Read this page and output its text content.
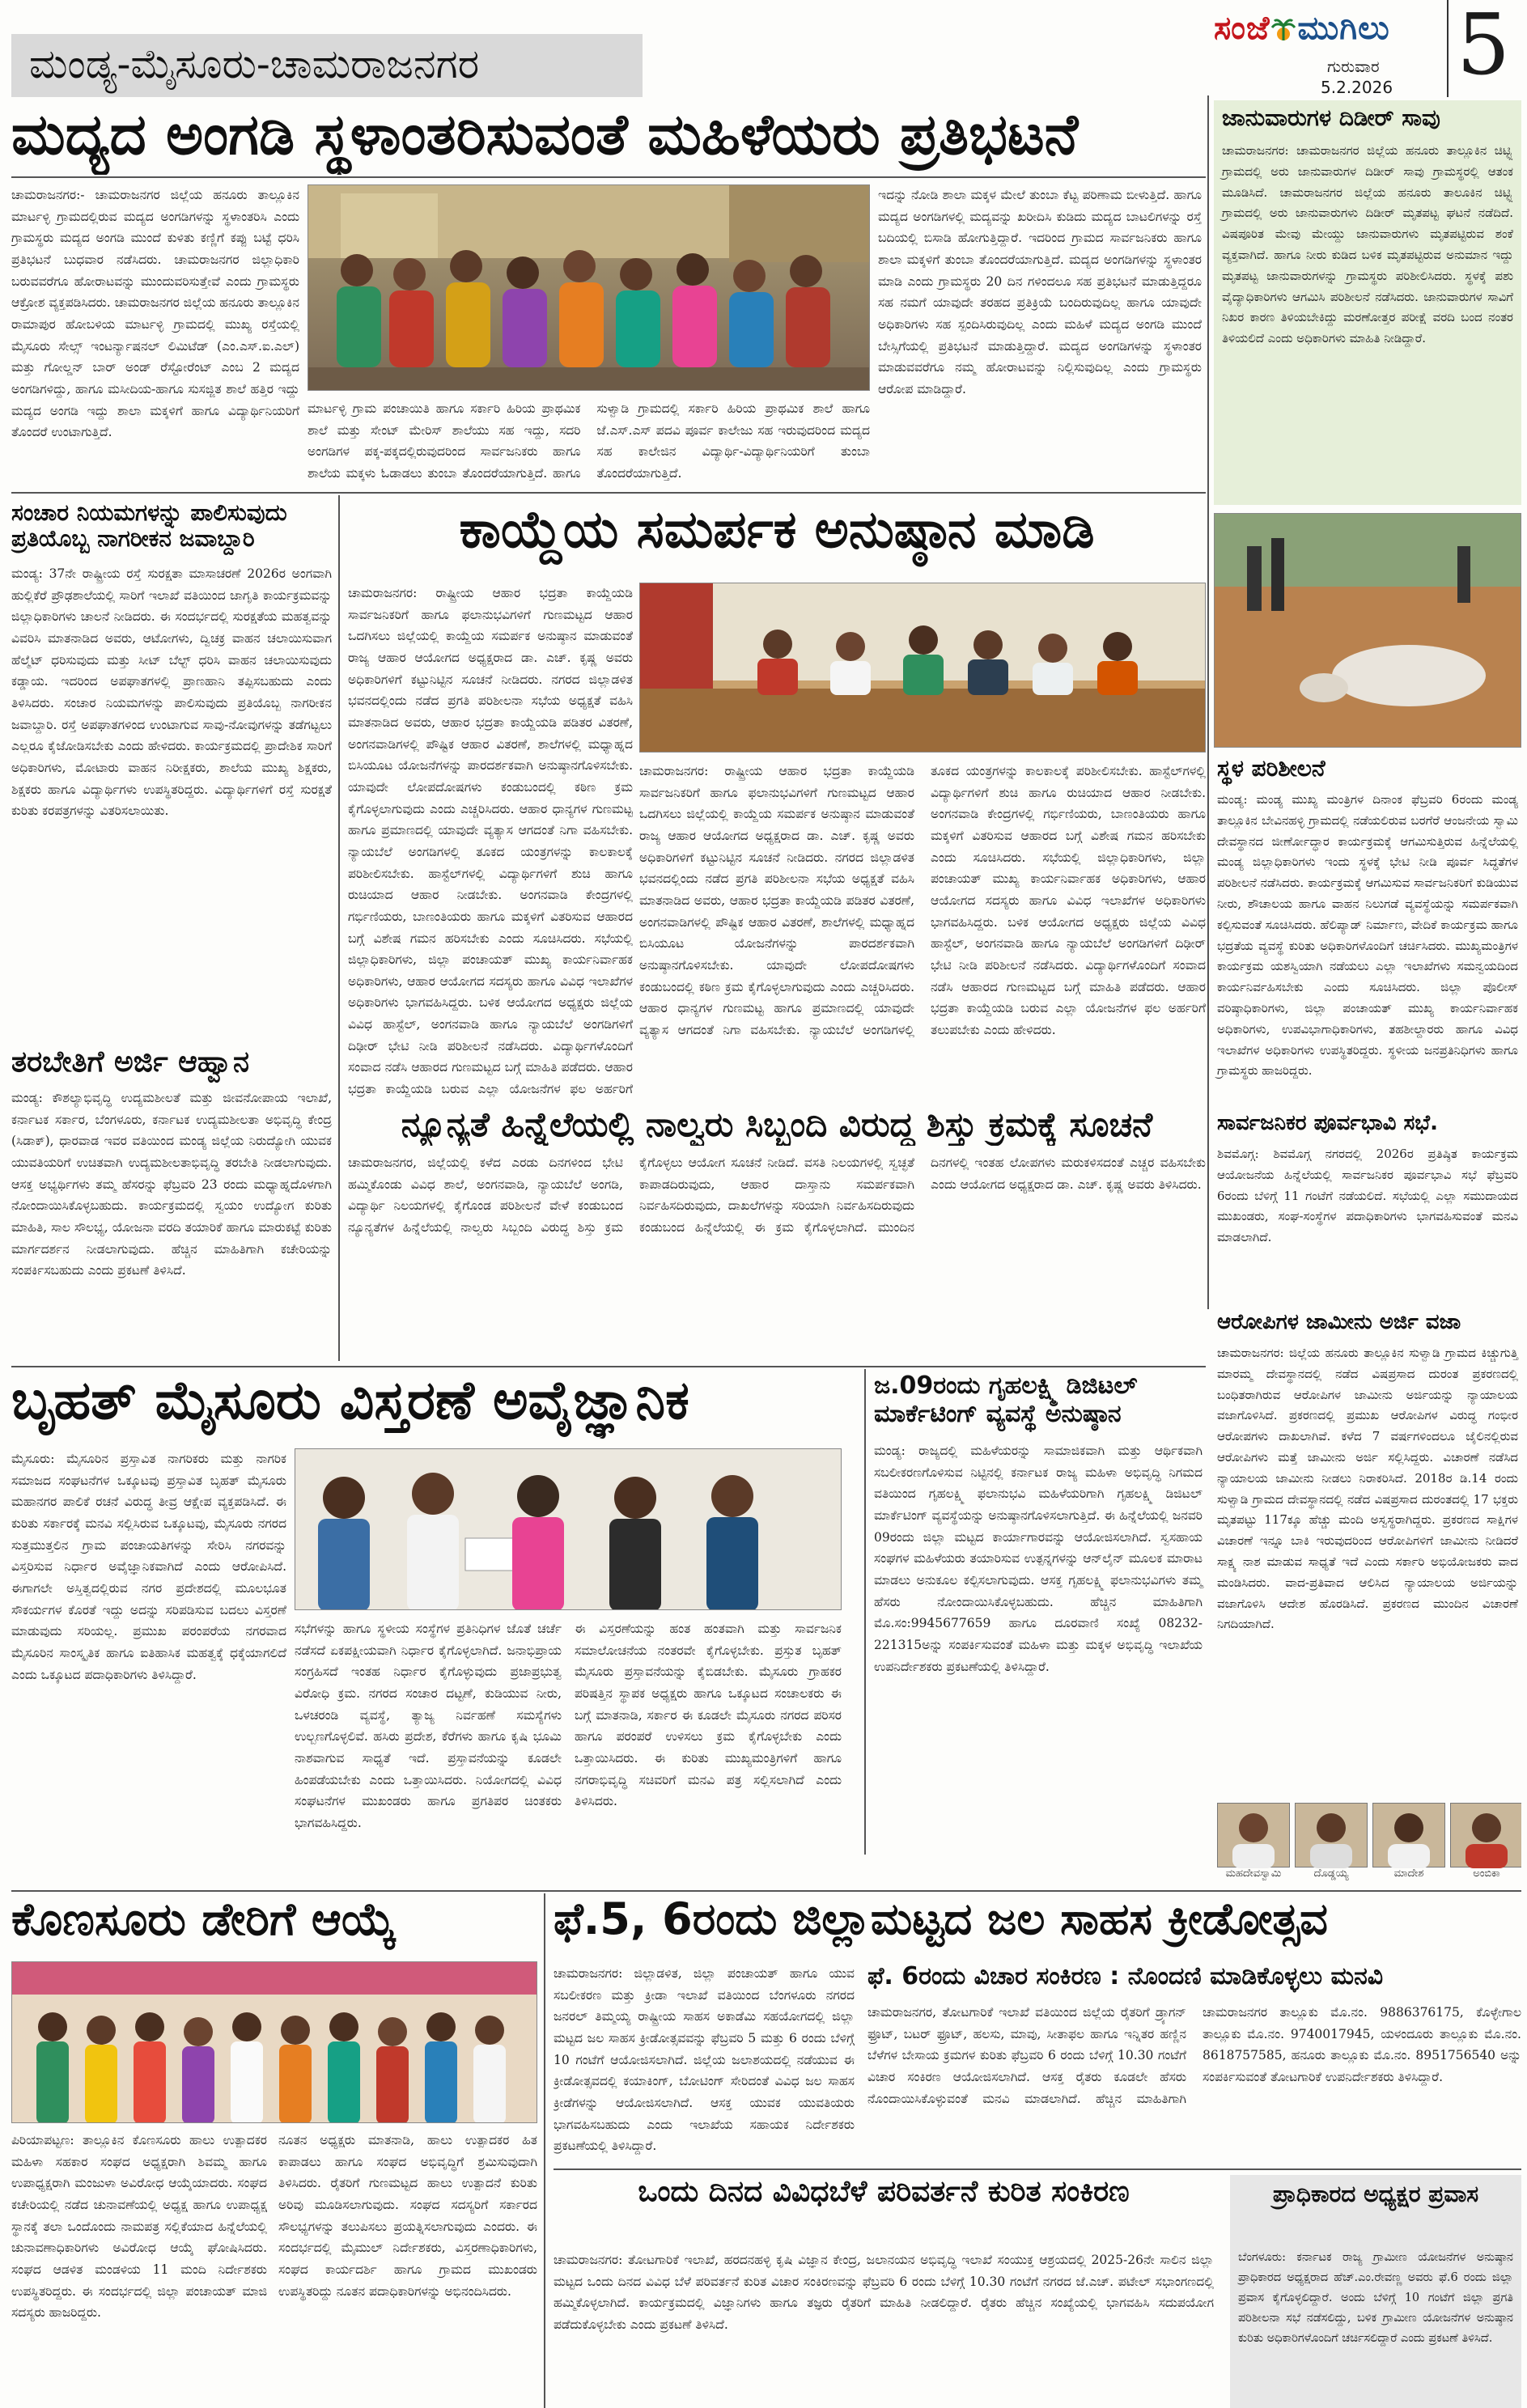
ಮಂಡ್ಯ-ಮೈಸೂರು-ಚಾಮರಾಜನಗರ
ಸಂಜೆ ಮುಗಿಲು
ಗುರುವಾರ
5.2.2026 5
ಮದ್ಯದ ಅಂಗಡಿ ಸ್ಥಳಾಂತರಿಸುವಂತೆ ಮಹಿಳೆಯರು ಪ್ರತಿಭಟನೆ
ಚಾಮರಾಜನಗರ:- ಚಾಮರಾಜನಗರ ಜಿಲ್ಲೆಯ ಹನೂರು ತಾಲ್ಲೂಕಿನ ಮಾರ್ಟಳ್ಳಿ ಗ್ರಾಮದಲ್ಲಿರುವ ಮದ್ಯದ ಅಂಗಡಿಗಳನ್ನು ಸ್ಥಳಾಂತರಿಸಿ ಎಂದು ಗ್ರಾಮಸ್ಥರು ಮದ್ಯದ ಅಂಗಡಿ ಮುಂದೆ ಕುಳಿತು ಕಣ್ಣಿಗೆ ಕಪ್ಪು ಬಟ್ಟೆ ಧರಿಸಿ ಪ್ರತಿಭಟನೆ ಬುಧವಾರ ನಡೆಸಿದರು. ಚಾಮರಾಜನಗರ ಜಿಲ್ಲಾಧಿಕಾರಿ ಬರುವವರೆಗೂ ಹೋರಾಟವನ್ನು ಮುಂದುವರಿಸುತ್ತೇವೆ ಎಂದು ಗ್ರಾಮಸ್ಥರು ಆಕ್ರೋಶ ವ್ಯಕ್ತಪಡಿಸಿದರು. ಚಾಮರಾಜನಗರ ಜಿಲ್ಲೆಯ ಹನೂರು ತಾಲ್ಲೂಕಿನ ರಾಮಾಪುರ ಹೋಬಳಿಯ ಮಾರ್ಟಳ್ಳಿ ಗ್ರಾಮದಲ್ಲಿ ಮುಖ್ಯ ರಸ್ತೆಯಲ್ಲಿ ಮೈಸೂರು ಸೇಲ್ಸ್ ಇಂಟರ್ನ್ಯಾಷನಲ್ ಲಿಮಿಟೆಡ್ (ಎಂ.ಎಸ್.ಐ.ಎಲ್) ಮತ್ತು ಗೋಲ್ಡನ್ ಬಾರ್ ಅಂಡ್ ರೆಸ್ಟೋರೆಂಟ್ ಎಂಬ 2 ಮದ್ಯದ ಅಂಗಡಿಗಳಿದ್ದು, ಹಾಗೂ ಮಸೀದಿಯ-ಹಾಗೂ ಸುಸಜ್ಜಿತ ಶಾಲೆ ಹತ್ತಿರ ಇದ್ದು ಮದ್ಯದ ಅಂಗಡಿ ಇದ್ದು ಶಾಲಾ ಮಕ್ಕಳಿಗೆ ಹಾಗೂ ವಿದ್ಯಾರ್ಥಿನಿಯರಿಗೆ ತೊಂದರೆ ಉಂಟಾಗುತ್ತಿದೆ.
ಮಾರ್ಟಳ್ಳಿ ಗ್ರಾಮ ಪಂಚಾಯಿತಿ ಹಾಗೂ ಸರ್ಕಾರಿ ಹಿರಿಯ ಪ್ರಾಥಮಿಕ ಶಾಲೆ ಮತ್ತು ಸೇಂಟ್ ಮೇರಿಸ್ ಶಾಲೆಯು ಸಹ ಇದ್ದು, ಸದರಿ ಅಂಗಡಿಗಳ ಪಕ್ಕ-ಪಕ್ಕದಲ್ಲಿರುವುದರಿಂದ ಸಾರ್ವಜನಿಕರು ಹಾಗೂ ಶಾಲೆಯ ಮಕ್ಕಳು ಓಡಾಡಲು ತುಂಬಾ ತೊಂದರೆಯಾಗುತ್ತಿದೆ. ಹಾಗೂ ಸುಳ್ವಾಡಿ ಗ್ರಾಮದಲ್ಲಿ ಸರ್ಕಾರಿ ಹಿರಿಯ ಪ್ರಾಥಮಿಕ ಶಾಲೆ ಹಾಗೂ ಜೆ.ಎಸ್.ಎಸ್ ಪದವಿ ಪೂರ್ವ ಕಾಲೇಜು ಸಹ ಇರುವುದರಿಂದ ಮದ್ಯದ ಸಹ ಕಾಲೇಜಿನ ವಿದ್ಯಾರ್ಥಿ-ವಿದ್ಯಾರ್ಥಿನಿಯರಿಗೆ ತುಂಬಾ ತೊಂದರೆಯಾಗುತ್ತಿದೆ.
ಇದನ್ನು ನೋಡಿ ಶಾಲಾ ಮಕ್ಕಳ ಮೇಲೆ ತುಂಬಾ ಕೆಟ್ಟ ಪರಿಣಾಮ ಬೀಳುತ್ತಿದೆ. ಹಾಗೂ ಮದ್ಯದ ಅಂಗಡಿಗಳಲ್ಲಿ ಮದ್ಯವನ್ನು ಖರೀದಿಸಿ ಕುಡಿದು ಮದ್ಯದ ಬಾಟಲಿಗಳನ್ನು ರಸ್ತೆ ಬದಿಯಲ್ಲಿ ಬಿಸಾಡಿ ಹೋಗುತ್ತಿದ್ದಾರೆ. ಇದರಿಂದ ಗ್ರಾಮದ ಸಾರ್ವಜನಿಕರು ಹಾಗೂ ಶಾಲಾ ಮಕ್ಕಳಿಗೆ ತುಂಬಾ ತೊಂದರೆಯಾಗುತ್ತಿದೆ. ಮದ್ಯದ ಅಂಗಡಿಗಳನ್ನು ಸ್ಥಳಾಂತರ ಮಾಡಿ ಎಂದು ಗ್ರಾಮಸ್ಥರು 20 ದಿನ ಗಳಿಂದಲೂ ಸಹ ಪ್ರತಿಭಟನೆ ಮಾಡುತ್ತಿದ್ದರೂ ಸಹ ನಮಗೆ ಯಾವುದೇ ತರಹದ ಪ್ರತಿಕ್ರಿಯೆ ಬಂದಿರುವುದಿಲ್ಲ ಹಾಗೂ ಯಾವುದೇ ಅಧಿಕಾರಿಗಳು ಸಹ ಸ್ಪಂದಿಸಿರುವುದಿಲ್ಲ ಎಂದು ಮಹಿಳೆ ಮದ್ಯದ ಅಂಗಡಿ ಮುಂದೆ ಬೇಸ್ಸಿಗೆಯಲ್ಲಿ ಪ್ರತಿಭಟನೆ ಮಾಡುತ್ತಿದ್ದಾರೆ. ಮದ್ಯದ ಅಂಗಡಿಗಳನ್ನು ಸ್ಥಳಾಂತರ ಮಾಡುವವರೆಗೂ ನಮ್ಮ ಹೋರಾಟವನ್ನು ನಿಲ್ಲಿಸುವುದಿಲ್ಲ ಎಂದು ಗ್ರಾಮಸ್ಥರು ಆರೋಪ ಮಾಡಿದ್ದಾರೆ.
ಜಾನುವಾರುಗಳ ದಿಡೀರ್ ಸಾವು
ಚಾಮರಾಜನಗರ: ಚಾಮರಾಜನಗರ ಜಿಲ್ಲೆಯ ಹನೂರು ತಾಲ್ಲೂಕಿನ ಚಿಟ್ಟ್ಲಿ ಗ್ರಾಮದಲ್ಲಿ ಅರು ಜಾನುವಾರುಗಳ ದಿಡೀರ್ ಸಾವು ಗ್ರಾಮಸ್ಥರಲ್ಲಿ ಆತಂಕ ಮೂಡಿಸಿದೆ. ಚಾಮರಾಜನಗರ ಜಿಲ್ಲೆಯ ಹನೂರು ತಾಲೂಕಿನ ಚಿಟ್ಟ್ಲಿ ಗ್ರಾಮದಲ್ಲಿ ಅರು ಜಾನುವಾರುಗಳು ದಿಡೀರ್ ಮೃತಪಟ್ಟ ಘಟನೆ ನಡೆದಿದೆ. ವಿಷಪೂರಿತ ಮೇವು ಮೇಯ್ದು ಜಾನುವಾರುಗಳು ಮೃತಪಟ್ಟಿರುವ ಶಂಕೆ ವ್ಯಕ್ತವಾಗಿದೆ. ಹಾಗೂ ನೀರು ಕುಡಿದ ಬಳಿಕ ಮೃತಪಟ್ಟಿರುವ ಅನುಮಾನ ಇದ್ದು ಮೃತಪಟ್ಟ ಜಾನುವಾರುಗಳನ್ನು ಗ್ರಾಮಸ್ಥರು ಪರಿಶೀಲಿಸಿದರು. ಸ್ಥಳಕ್ಕೆ ಪಶು ವೈದ್ಯಾಧಿಕಾರಿಗಳು ಆಗಮಿಸಿ ಪರಿಶೀಲನೆ ನಡೆಸಿದರು. ಜಾನುವಾರುಗಳ ಸಾವಿಗೆ ನಿಖರ ಕಾರಣ ತಿಳಿಯಬೇಕಿದ್ದು ಮರಣೋತ್ತರ ಪರೀಕ್ಷೆ ವರದಿ ಬಂದ ನಂತರ ತಿಳಿಯಲಿದೆ ಎಂದು ಅಧಿಕಾರಿಗಳು ಮಾಹಿತಿ ನೀಡಿದ್ದಾರೆ.
ಸ್ಥಳ ಪರಿಶೀಲನೆ
ಮಂಡ್ಯ: ಮಂಡ್ಯ ಮುಖ್ಯ ಮಂತ್ರಿಗಳ ದಿನಾಂಕ ಫೆಬ್ರವರಿ 6ರಂದು ಮಂಡ್ಯ ತಾಲ್ಲೂಕಿನ ಬೇವಿನಹಳ್ಳಿ ಗ್ರಾಮದಲ್ಲಿ ನಡೆಯಲಿರುವ ಬರಗೆರೆ ಆಂಜನೇಯ ಸ್ವಾಮಿ ದೇವಸ್ಥಾನದ ಜೀರ್ಣೋದ್ಧಾರ ಕಾರ್ಯಕ್ರಮಕ್ಕೆ ಆಗಮಿಸುತ್ತಿರುವ ಹಿನ್ನೆಲೆಯಲ್ಲಿ ಮಂಡ್ಯ ಜಿಲ್ಲಾಧಿಕಾರಿಗಳು ಇಂದು ಸ್ಥಳಕ್ಕೆ ಭೇಟಿ ನೀಡಿ ಪೂರ್ವ ಸಿದ್ಧತೆಗಳ ಪರಿಶೀಲನೆ ನಡೆಸಿದರು. ಕಾರ್ಯಕ್ರಮಕ್ಕೆ ಆಗಮಿಸುವ ಸಾರ್ವಜನಿಕರಿಗೆ ಕುಡಿಯುವ ನೀರು, ಶೌಚಾಲಯ ಹಾಗೂ ವಾಹನ ನಿಲುಗಡೆ ವ್ಯವಸ್ಥೆಯನ್ನು ಸಮರ್ಪಕವಾಗಿ ಕಲ್ಪಿಸುವಂತೆ ಸೂಚಿಸಿದರು. ಹೆಲಿಪ್ಯಾಡ್ ನಿರ್ಮಾಣ, ವೇದಿಕೆ ಕಾರ್ಯಕ್ರಮ ಹಾಗೂ ಭದ್ರತೆಯ ವ್ಯವಸ್ಥೆ ಕುರಿತು ಅಧಿಕಾರಿಗಳೊಂದಿಗೆ ಚರ್ಚಿಸಿದರು. ಮುಖ್ಯಮಂತ್ರಿಗಳ ಕಾರ್ಯಕ್ರಮ ಯಶಸ್ವಿಯಾಗಿ ನಡೆಯಲು ಎಲ್ಲಾ ಇಲಾಖೆಗಳು ಸಮನ್ವಯದಿಂದ ಕಾರ್ಯನಿರ್ವಹಿಸಬೇಕು ಎಂದು ಸೂಚಿಸಿದರು. ಜಿಲ್ಲಾ ಪೊಲೀಸ್ ವರಿಷ್ಠಾಧಿಕಾರಿಗಳು, ಜಿಲ್ಲಾ ಪಂಚಾಯತ್ ಮುಖ್ಯ ಕಾರ್ಯನಿರ್ವಾಹಕ ಅಧಿಕಾರಿಗಳು, ಉಪವಿಭಾಗಾಧಿಕಾರಿಗಳು, ತಹಶೀಲ್ದಾರರು ಹಾಗೂ ವಿವಿಧ ಇಲಾಖೆಗಳ ಅಧಿಕಾರಿಗಳು ಉಪಸ್ಥಿತರಿದ್ದರು. ಸ್ಥಳೀಯ ಜನಪ್ರತಿನಿಧಿಗಳು ಹಾಗೂ ಗ್ರಾಮಸ್ಥರು ಹಾಜರಿದ್ದರು.
ಸಾರ್ವಜನಿಕರ ಪೂರ್ವಭಾವಿ ಸಭೆ.
ಶಿವಮೊಗ್ಗ: ಶಿವಮೊಗ್ಗ ನಗರದಲ್ಲಿ 2026ರ ಪ್ರತಿಷ್ಠಿತ ಕಾರ್ಯಕ್ರಮ ಆಯೋಜನೆಯ ಹಿನ್ನೆಲೆಯಲ್ಲಿ ಸಾರ್ವಜನಿಕರ ಪೂರ್ವಭಾವಿ ಸಭೆ ಫೆಬ್ರವರಿ 6ರಂದು ಬೆಳಿಗ್ಗೆ 11 ಗಂಟೆಗೆ ನಡೆಯಲಿದೆ. ಸಭೆಯಲ್ಲಿ ಎಲ್ಲಾ ಸಮುದಾಯದ ಮುಖಂಡರು, ಸಂಘ-ಸಂಸ್ಥೆಗಳ ಪದಾಧಿಕಾರಿಗಳು ಭಾಗವಹಿಸುವಂತೆ ಮನವಿ ಮಾಡಲಾಗಿದೆ.
ಆರೋಪಿಗಳ ಜಾಮೀನು ಅರ್ಜಿ ವಜಾ
ಚಾಮರಾಜನಗರ: ಜಿಲ್ಲೆಯ ಹನೂರು ತಾಲ್ಲೂಕಿನ ಸುಳ್ವಾಡಿ ಗ್ರಾಮದ ಕಿಚ್ಚುಗುತ್ತಿ ಮಾರಮ್ಮ ದೇವಸ್ಥಾನದಲ್ಲಿ ನಡೆದ ವಿಷಪ್ರಸಾದ ದುರಂತ ಪ್ರಕರಣದಲ್ಲಿ ಬಂಧಿತರಾಗಿರುವ ಆರೋಪಿಗಳ ಜಾಮೀನು ಅರ್ಜಿಯನ್ನು ನ್ಯಾಯಾಲಯ ವಜಾಗೊಳಿಸಿದೆ. ಪ್ರಕರಣದಲ್ಲಿ ಪ್ರಮುಖ ಆರೋಪಿಗಳ ವಿರುದ್ಧ ಗಂಭೀರ ಆರೋಪಗಳು ದಾಖಲಾಗಿವೆ. ಕಳೆದ 7 ವರ್ಷಗಳಿಂದಲೂ ಜೈಲಿನಲ್ಲಿರುವ ಆರೋಪಿಗಳು ಮತ್ತೆ ಜಾಮೀನು ಅರ್ಜಿ ಸಲ್ಲಿಸಿದ್ದರು. ವಿಚಾರಣೆ ನಡೆಸಿದ ನ್ಯಾಯಾಲಯ ಜಾಮೀನು ನೀಡಲು ನಿರಾಕರಿಸಿದೆ. 2018ರ ಡಿ.14 ರಂದು ಸುಳ್ವಾಡಿ ಗ್ರಾಮದ ದೇವಸ್ಥಾನದಲ್ಲಿ ನಡೆದ ವಿಷಪ್ರಸಾದ ದುರಂತದಲ್ಲಿ 17 ಭಕ್ತರು ಮೃತಪಟ್ಟು 117ಕ್ಕೂ ಹೆಚ್ಚು ಮಂದಿ ಅಸ್ವಸ್ಥರಾಗಿದ್ದರು. ಪ್ರಕರಣದ ಸಾಕ್ಷಿಗಳ ವಿಚಾರಣೆ ಇನ್ನೂ ಬಾಕಿ ಇರುವುದರಿಂದ ಆರೋಪಿಗಳಿಗೆ ಜಾಮೀನು ನೀಡಿದರೆ ಸಾಕ್ಷ್ಯ ನಾಶ ಮಾಡುವ ಸಾಧ್ಯತೆ ಇದೆ ಎಂದು ಸರ್ಕಾರಿ ಅಭಿಯೋಜಕರು ವಾದ ಮಂಡಿಸಿದರು. ವಾದ-ಪ್ರತಿವಾದ ಆಲಿಸಿದ ನ್ಯಾಯಾಲಯ ಅರ್ಜಿಯನ್ನು ವಜಾಗೊಳಿಸಿ ಆದೇಶ ಹೊರಡಿಸಿದೆ. ಪ್ರಕರಣದ ಮುಂದಿನ ವಿಚಾರಣೆ ನಿಗದಿಯಾಗಿದೆ.
ಮಹದೇವಸ್ವಾಮಿ	ದೊಡ್ಡಯ್ಯ	ಮಾದೇಶ	ಅಂಬಿಕಾ
ಸಂಚಾರ ನಿಯಮಗಳನ್ನು ಪಾಲಿಸುವುದು ಪ್ರತಿಯೊಬ್ಬ ನಾಗರೀಕನ ಜವಾಬ್ದಾರಿ
ಮಂಡ್ಯ: 37ನೇ ರಾಷ್ಟ್ರೀಯ ರಸ್ತೆ ಸುರಕ್ಷತಾ ಮಾಸಾಚರಣೆ 2026ರ ಅಂಗವಾಗಿ ಹುಲ್ಲಿಕೆರೆ ಪ್ರೌಢಶಾಲೆಯಲ್ಲಿ ಸಾರಿಗೆ ಇಲಾಖೆ ವತಿಯಿಂದ ಜಾಗೃತಿ ಕಾರ್ಯಕ್ರಮವನ್ನು ಜಿಲ್ಲಾಧಿಕಾರಿಗಳು ಚಾಲನೆ ನೀಡಿದರು. ಈ ಸಂದರ್ಭದಲ್ಲಿ ಸುರಕ್ಷತೆಯ ಮಹತ್ವವನ್ನು ವಿವರಿಸಿ ಮಾತನಾಡಿದ ಅವರು, ಆಟೋಗಳು, ದ್ವಿಚಕ್ರ ವಾಹನ ಚಲಾಯಿಸುವಾಗ ಹೆಲ್ಮೆಟ್ ಧರಿಸುವುದು ಮತ್ತು ಸೀಟ್ ಬೆಲ್ಟ್ ಧರಿಸಿ ವಾಹನ ಚಲಾಯಿಸುವುದು ಕಡ್ಡಾಯ. ಇದರಿಂದ ಅಪಘಾತಗಳಲ್ಲಿ ಪ್ರಾಣಹಾನಿ ತಪ್ಪಿಸಬಹುದು ಎಂದು ತಿಳಿಸಿದರು. ಸಂಚಾರ ನಿಯಮಗಳನ್ನು ಪಾಲಿಸುವುದು ಪ್ರತಿಯೊಬ್ಬ ನಾಗರೀಕನ ಜವಾಬ್ದಾರಿ. ರಸ್ತೆ ಅಪಘಾತಗಳಿಂದ ಉಂಟಾಗುವ ಸಾವು-ನೋವುಗಳನ್ನು ತಡೆಗಟ್ಟಲು ಎಲ್ಲರೂ ಕೈಜೋಡಿಸಬೇಕು ಎಂದು ಹೇಳಿದರು. ಕಾರ್ಯಕ್ರಮದಲ್ಲಿ ಪ್ರಾದೇಶಿಕ ಸಾರಿಗೆ ಅಧಿಕಾರಿಗಳು, ಮೋಟಾರು ವಾಹನ ನಿರೀಕ್ಷಕರು, ಶಾಲೆಯ ಮುಖ್ಯ ಶಿಕ್ಷಕರು, ಶಿಕ್ಷಕರು ಹಾಗೂ ವಿದ್ಯಾರ್ಥಿಗಳು ಉಪಸ್ಥಿತರಿದ್ದರು. ವಿದ್ಯಾರ್ಥಿಗಳಿಗೆ ರಸ್ತೆ ಸುರಕ್ಷತೆ ಕುರಿತು ಕರಪತ್ರಗಳನ್ನು ವಿತರಿಸಲಾಯಿತು.
ತರಬೇತಿಗೆ ಅರ್ಜಿ ಆಹ್ವಾನ
ಮಂಡ್ಯ: ಕೌಶಲ್ಯಾಭಿವೃದ್ಧಿ ಉದ್ಯಮಶೀಲತೆ ಮತ್ತು ಜೀವನೋಪಾಯ ಇಲಾಖೆ, ಕರ್ನಾಟಕ ಸರ್ಕಾರ, ಬೆಂಗಳೂರು, ಕರ್ನಾಟಕ ಉದ್ಯಮಶೀಲತಾ ಅಭಿವೃದ್ಧಿ ಕೇಂದ್ರ (ಸಿಡಾಕ್), ಧಾರವಾಡ ಇವರ ವತಿಯಿಂದ ಮಂಡ್ಯ ಜಿಲ್ಲೆಯ ನಿರುದ್ಯೋಗಿ ಯುವಕ ಯುವತಿಯರಿಗೆ ಉಚಿತವಾಗಿ ಉದ್ಯಮಶೀಲತಾಭಿವೃದ್ಧಿ ತರಬೇತಿ ನೀಡಲಾಗುವುದು. ಆಸಕ್ತ ಅಭ್ಯರ್ಥಿಗಳು ತಮ್ಮ ಹೆಸರನ್ನು ಫೆಬ್ರವರಿ 23 ರಂದು ಮಧ್ಯಾಹ್ನದೊಳಗಾಗಿ ನೋಂದಾಯಿಸಿಕೊಳ್ಳಬಹುದು. ಕಾರ್ಯಕ್ರಮದಲ್ಲಿ ಸ್ವಯಂ ಉದ್ಯೋಗ ಕುರಿತು ಮಾಹಿತಿ, ಸಾಲ ಸೌಲಭ್ಯ, ಯೋಜನಾ ವರದಿ ತಯಾರಿಕೆ ಹಾಗೂ ಮಾರುಕಟ್ಟೆ ಕುರಿತು ಮಾರ್ಗದರ್ಶನ ನೀಡಲಾಗುವುದು. ಹೆಚ್ಚಿನ ಮಾಹಿತಿಗಾಗಿ ಕಚೇರಿಯನ್ನು ಸಂಪರ್ಕಿಸಬಹುದು ಎಂದು ಪ್ರಕಟಣೆ ತಿಳಿಸಿದೆ.
ಕಾಯ್ದೆಯ ಸಮರ್ಪಕ ಅನುಷ್ಠಾನ ಮಾಡಿ
ಚಾಮರಾಜನಗರ: ರಾಷ್ಟ್ರೀಯ ಆಹಾರ ಭದ್ರತಾ ಕಾಯ್ದೆಯಡಿ ಸಾರ್ವಜನಿಕರಿಗೆ ಹಾಗೂ ಫಲಾನುಭವಿಗಳಿಗೆ ಗುಣಮಟ್ಟದ ಆಹಾರ ಒದಗಿಸಲು ಜಿಲ್ಲೆಯಲ್ಲಿ ಕಾಯ್ದೆಯ ಸಮರ್ಪಕ ಅನುಷ್ಠಾನ ಮಾಡುವಂತೆ ರಾಜ್ಯ ಆಹಾರ ಆಯೋಗದ ಅಧ್ಯಕ್ಷರಾದ ಡಾ. ಎಚ್. ಕೃಷ್ಣ ಅವರು ಅಧಿಕಾರಿಗಳಿಗೆ ಕಟ್ಟುನಿಟ್ಟಿನ ಸೂಚನೆ ನೀಡಿದರು. ನಗರದ ಜಿಲ್ಲಾಡಳಿತ ಭವನದಲ್ಲಿಂದು ನಡೆದ ಪ್ರಗತಿ ಪರಿಶೀಲನಾ ಸಭೆಯ ಅಧ್ಯಕ್ಷತೆ ವಹಿಸಿ ಮಾತನಾಡಿದ ಅವರು, ಆಹಾರ ಭದ್ರತಾ ಕಾಯ್ದೆಯಡಿ ಪಡಿತರ ವಿತರಣೆ, ಅಂಗನವಾಡಿಗಳಲ್ಲಿ ಪೌಷ್ಟಿಕ ಆಹಾರ ವಿತರಣೆ, ಶಾಲೆಗಳಲ್ಲಿ ಮಧ್ಯಾಹ್ನದ ಬಿಸಿಯೂಟ ಯೋಜನೆಗಳನ್ನು ಪಾರದರ್ಶಕವಾಗಿ ಅನುಷ್ಠಾನಗೊಳಿಸಬೇಕು. ಯಾವುದೇ ಲೋಪದೋಷಗಳು ಕಂಡುಬಂದಲ್ಲಿ ಕಠಿಣ ಕ್ರಮ ಕೈಗೊಳ್ಳಲಾಗುವುದು ಎಂದು ಎಚ್ಚರಿಸಿದರು. ಆಹಾರ ಧಾನ್ಯಗಳ ಗುಣಮಟ್ಟ ಹಾಗೂ ಪ್ರಮಾಣದಲ್ಲಿ ಯಾವುದೇ ವ್ಯತ್ಯಾಸ ಆಗದಂತೆ ನಿಗಾ ವಹಿಸಬೇಕು. ನ್ಯಾಯಬೆಲೆ ಅಂಗಡಿಗಳಲ್ಲಿ ತೂಕದ ಯಂತ್ರಗಳನ್ನು ಕಾಲಕಾಲಕ್ಕೆ ಪರಿಶೀಲಿಸಬೇಕು. ಹಾಸ್ಟೆಲ್‌ಗಳಲ್ಲಿ ವಿದ್ಯಾರ್ಥಿಗಳಿಗೆ ಶುಚಿ ಹಾಗೂ ರುಚಿಯಾದ ಆಹಾರ ನೀಡಬೇಕು. ಅಂಗನವಾಡಿ ಕೇಂದ್ರಗಳಲ್ಲಿ ಗರ್ಭಿಣಿಯರು, ಬಾಣಂತಿಯರು ಹಾಗೂ ಮಕ್ಕಳಿಗೆ ವಿತರಿಸುವ ಆಹಾರದ ಬಗ್ಗೆ ವಿಶೇಷ ಗಮನ ಹರಿಸಬೇಕು ಎಂದು ಸೂಚಿಸಿದರು. ಸಭೆಯಲ್ಲಿ ಜಿಲ್ಲಾಧಿಕಾರಿಗಳು, ಜಿಲ್ಲಾ ಪಂಚಾಯತ್ ಮುಖ್ಯ ಕಾರ್ಯನಿರ್ವಾಹಕ ಅಧಿಕಾರಿಗಳು, ಆಹಾರ ಆಯೋಗದ ಸದಸ್ಯರು ಹಾಗೂ ವಿವಿಧ ಇಲಾಖೆಗಳ ಅಧಿಕಾರಿಗಳು ಭಾಗವಹಿಸಿದ್ದರು. ಬಳಿಕ ಆಯೋಗದ ಅಧ್ಯಕ್ಷರು ಜಿಲ್ಲೆಯ ವಿವಿಧ ಹಾಸ್ಟೆಲ್, ಅಂಗನವಾಡಿ ಹಾಗೂ ನ್ಯಾಯಬೆಲೆ ಅಂಗಡಿಗಳಿಗೆ ದಿಢೀರ್ ಭೇಟಿ ನೀಡಿ ಪರಿಶೀಲನೆ ನಡೆಸಿದರು. ವಿದ್ಯಾರ್ಥಿಗಳೊಂದಿಗೆ ಸಂವಾದ ನಡೆಸಿ ಆಹಾರದ ಗುಣಮಟ್ಟದ ಬಗ್ಗೆ ಮಾಹಿತಿ ಪಡೆದರು. ಆಹಾರ ಭದ್ರತಾ ಕಾಯ್ದೆಯಡಿ ಬರುವ ಎಲ್ಲಾ ಯೋಜನೆಗಳ ಫಲ ಅರ್ಹರಿಗೆ
ಚಾಮರಾಜನಗರ: ರಾಷ್ಟ್ರೀಯ ಆಹಾರ ಭದ್ರತಾ ಕಾಯ್ದೆಯಡಿ ಸಾರ್ವಜನಿಕರಿಗೆ ಹಾಗೂ ಫಲಾನುಭವಿಗಳಿಗೆ ಗುಣಮಟ್ಟದ ಆಹಾರ ಒದಗಿಸಲು ಜಿಲ್ಲೆಯಲ್ಲಿ ಕಾಯ್ದೆಯ ಸಮರ್ಪಕ ಅನುಷ್ಠಾನ ಮಾಡುವಂತೆ ರಾಜ್ಯ ಆಹಾರ ಆಯೋಗದ ಅಧ್ಯಕ್ಷರಾದ ಡಾ. ಎಚ್. ಕೃಷ್ಣ ಅವರು ಅಧಿಕಾರಿಗಳಿಗೆ ಕಟ್ಟುನಿಟ್ಟಿನ ಸೂಚನೆ ನೀಡಿದರು. ನಗರದ ಜಿಲ್ಲಾಡಳಿತ ಭವನದಲ್ಲಿಂದು ನಡೆದ ಪ್ರಗತಿ ಪರಿಶೀಲನಾ ಸಭೆಯ ಅಧ್ಯಕ್ಷತೆ ವಹಿಸಿ ಮಾತನಾಡಿದ ಅವರು, ಆಹಾರ ಭದ್ರತಾ ಕಾಯ್ದೆಯಡಿ ಪಡಿತರ ವಿತರಣೆ, ಅಂಗನವಾಡಿಗಳಲ್ಲಿ ಪೌಷ್ಟಿಕ ಆಹಾರ ವಿತರಣೆ, ಶಾಲೆಗಳಲ್ಲಿ ಮಧ್ಯಾಹ್ನದ ಬಿಸಿಯೂಟ ಯೋಜನೆಗಳನ್ನು ಪಾರದರ್ಶಕವಾಗಿ ಅನುಷ್ಠಾನಗೊಳಿಸಬೇಕು. ಯಾವುದೇ ಲೋಪದೋಷಗಳು ಕಂಡುಬಂದಲ್ಲಿ ಕಠಿಣ ಕ್ರಮ ಕೈಗೊಳ್ಳಲಾಗುವುದು ಎಂದು ಎಚ್ಚರಿಸಿದರು. ಆಹಾರ ಧಾನ್ಯಗಳ ಗುಣಮಟ್ಟ ಹಾಗೂ ಪ್ರಮಾಣದಲ್ಲಿ ಯಾವುದೇ ವ್ಯತ್ಯಾಸ ಆಗದಂತೆ ನಿಗಾ ವಹಿಸಬೇಕು. ನ್ಯಾಯಬೆಲೆ ಅಂಗಡಿಗಳಲ್ಲಿ ತೂಕದ ಯಂತ್ರಗಳನ್ನು ಕಾಲಕಾಲಕ್ಕೆ ಪರಿಶೀಲಿಸಬೇಕು. ಹಾಸ್ಟೆಲ್‌ಗಳಲ್ಲಿ ವಿದ್ಯಾರ್ಥಿಗಳಿಗೆ ಶುಚಿ ಹಾಗೂ ರುಚಿಯಾದ ಆಹಾರ ನೀಡಬೇಕು. ಅಂಗನವಾಡಿ ಕೇಂದ್ರಗಳಲ್ಲಿ ಗರ್ಭಿಣಿಯರು, ಬಾಣಂತಿಯರು ಹಾಗೂ ಮಕ್ಕಳಿಗೆ ವಿತರಿಸುವ ಆಹಾರದ ಬಗ್ಗೆ ವಿಶೇಷ ಗಮನ ಹರಿಸಬೇಕು ಎಂದು ಸೂಚಿಸಿದರು. ಸಭೆಯಲ್ಲಿ ಜಿಲ್ಲಾಧಿಕಾರಿಗಳು, ಜಿಲ್ಲಾ ಪಂಚಾಯತ್ ಮುಖ್ಯ ಕಾರ್ಯನಿರ್ವಾಹಕ ಅಧಿಕಾರಿಗಳು, ಆಹಾರ ಆಯೋಗದ ಸದಸ್ಯರು ಹಾಗೂ ವಿವಿಧ ಇಲಾಖೆಗಳ ಅಧಿಕಾರಿಗಳು ಭಾಗವಹಿಸಿದ್ದರು. ಬಳಿಕ ಆಯೋಗದ ಅಧ್ಯಕ್ಷರು ಜಿಲ್ಲೆಯ ವಿವಿಧ ಹಾಸ್ಟೆಲ್, ಅಂಗನವಾಡಿ ಹಾಗೂ ನ್ಯಾಯಬೆಲೆ ಅಂಗಡಿಗಳಿಗೆ ದಿಢೀರ್ ಭೇಟಿ ನೀಡಿ ಪರಿಶೀಲನೆ ನಡೆಸಿದರು. ವಿದ್ಯಾರ್ಥಿಗಳೊಂದಿಗೆ ಸಂವಾದ ನಡೆಸಿ ಆಹಾರದ ಗುಣಮಟ್ಟದ ಬಗ್ಗೆ ಮಾಹಿತಿ ಪಡೆದರು. ಆಹಾರ ಭದ್ರತಾ ಕಾಯ್ದೆಯಡಿ ಬರುವ ಎಲ್ಲಾ ಯೋಜನೆಗಳ ಫಲ ಅರ್ಹರಿಗೆ ತಲುಪಬೇಕು ಎಂದು ಹೇಳಿದರು.
ನ್ಯೂನ್ಯತೆ ಹಿನ್ನೆಲೆಯಲ್ಲಿ ನಾಲ್ವರು ಸಿಬ್ಬಂದಿ ವಿರುದ್ಧ ಶಿಸ್ತು ಕ್ರಮಕ್ಕೆ ಸೂಚನೆ
ಚಾಮರಾಜನಗರ, ಜಿಲ್ಲೆಯಲ್ಲಿ ಕಳೆದ ಎರಡು ದಿನಗಳಿಂದ ಭೇಟಿ ಹಮ್ಮಿಕೊಂಡು ವಿವಿಧ ಶಾಲೆ, ಅಂಗನವಾಡಿ, ನ್ಯಾಯಬೆಲೆ ಅಂಗಡಿ, ವಿದ್ಯಾರ್ಥಿ ನಿಲಯಗಳಲ್ಲಿ ಕೈಗೊಂಡ ಪರಿಶೀಲನೆ ವೇಳೆ ಕಂಡುಬಂದ ನ್ಯೂನ್ಯತೆಗಳ ಹಿನ್ನೆಲೆಯಲ್ಲಿ ನಾಲ್ವರು ಸಿಬ್ಬಂದಿ ವಿರುದ್ಧ ಶಿಸ್ತು ಕ್ರಮ ಕೈಗೊಳ್ಳಲು ಆಯೋಗ ಸೂಚನೆ ನೀಡಿದೆ. ವಸತಿ ನಿಲಯಗಳಲ್ಲಿ ಸ್ವಚ್ಛತೆ ಕಾಪಾಡದಿರುವುದು, ಆಹಾರ ದಾಸ್ತಾನು ಸಮರ್ಪಕವಾಗಿ ನಿರ್ವಹಿಸದಿರುವುದು, ದಾಖಲೆಗಳನ್ನು ಸರಿಯಾಗಿ ನಿರ್ವಹಿಸದಿರುವುದು ಕಂಡುಬಂದ ಹಿನ್ನೆಲೆಯಲ್ಲಿ ಈ ಕ್ರಮ ಕೈಗೊಳ್ಳಲಾಗಿದೆ. ಮುಂದಿನ ದಿನಗಳಲ್ಲಿ ಇಂತಹ ಲೋಪಗಳು ಮರುಕಳಿಸದಂತೆ ಎಚ್ಚರ ವಹಿಸಬೇಕು ಎಂದು ಆಯೋಗದ ಅಧ್ಯಕ್ಷರಾದ ಡಾ. ಎಚ್. ಕೃಷ್ಣ ಅವರು ತಿಳಿಸಿದರು.
ಬೃಹತ್ ಮೈಸೂರು ವಿಸ್ತರಣೆ ಅವೈಜ್ಞಾನಿಕ
ಮೈಸೂರು: ಮೈಸೂರಿನ ಪ್ರಸ್ತಾವಿತ ನಾಗರಿಕರು ಮತ್ತು ನಾಗರಿಕ ಸಮಾಜದ ಸಂಘಟನೆಗಳ ಒಕ್ಕೂಟವು ಪ್ರಸ್ತಾವಿತ ಬೃಹತ್ ಮೈಸೂರು ಮಹಾನಗರ ಪಾಲಿಕೆ ರಚನೆ ವಿರುದ್ಧ ತೀವ್ರ ಆಕ್ಷೇಪ ವ್ಯಕ್ತಪಡಿಸಿದೆ. ಈ ಕುರಿತು ಸರ್ಕಾರಕ್ಕೆ ಮನವಿ ಸಲ್ಲಿಸಿರುವ ಒಕ್ಕೂಟವು, ಮೈಸೂರು ನಗರದ ಸುತ್ತಮುತ್ತಲಿನ ಗ್ರಾಮ ಪಂಚಾಯತಿಗಳನ್ನು ಸೇರಿಸಿ ನಗರವನ್ನು ವಿಸ್ತರಿಸುವ ನಿರ್ಧಾರ ಅವೈಜ್ಞಾನಿಕವಾಗಿದೆ ಎಂದು ಆರೋಪಿಸಿದೆ. ಈಗಾಗಲೇ ಅಸ್ತಿತ್ವದಲ್ಲಿರುವ ನಗರ ಪ್ರದೇಶದಲ್ಲಿ ಮೂಲಭೂತ ಸೌಕರ್ಯಗಳ ಕೊರತೆ ಇದ್ದು ಅದನ್ನು ಸರಿಪಡಿಸುವ ಬದಲು ವಿಸ್ತರಣೆ ಮಾಡುವುದು ಸರಿಯಲ್ಲ. ಪ್ರಮುಖ ಪರಂಪರೆಯ ನಗರವಾದ ಮೈಸೂರಿನ ಸಾಂಸ್ಕೃತಿಕ ಹಾಗೂ ಐತಿಹಾಸಿಕ ಮಹತ್ವಕ್ಕೆ ಧಕ್ಕೆಯಾಗಲಿದೆ ಎಂದು ಒಕ್ಕೂಟದ ಪದಾಧಿಕಾರಿಗಳು ತಿಳಿಸಿದ್ದಾರೆ.
ಸಭೆಗಳನ್ನು ಹಾಗೂ ಸ್ಥಳೀಯ ಸಂಸ್ಥೆಗಳ ಪ್ರತಿನಿಧಿಗಳ ಜೊತೆ ಚರ್ಚೆ ನಡೆಸದೆ ಏಕಪಕ್ಷೀಯವಾಗಿ ನಿರ್ಧಾರ ಕೈಗೊಳ್ಳಲಾಗಿದೆ. ಜನಾಭಿಪ್ರಾಯ ಸಂಗ್ರಹಿಸದೆ ಇಂತಹ ನಿರ್ಧಾರ ಕೈಗೊಳ್ಳುವುದು ಪ್ರಜಾಪ್ರಭುತ್ವ ವಿರೋಧಿ ಕ್ರಮ. ನಗರದ ಸಂಚಾರ ದಟ್ಟಣೆ, ಕುಡಿಯುವ ನೀರು, ಒಳಚರಂಡಿ ವ್ಯವಸ್ಥೆ, ತ್ಯಾಜ್ಯ ನಿರ್ವಹಣೆ ಸಮಸ್ಯೆಗಳು ಉಲ್ಬಣಗೊಳ್ಳಲಿವೆ. ಹಸಿರು ಪ್ರದೇಶ, ಕೆರೆಗಳು ಹಾಗೂ ಕೃಷಿ ಭೂಮಿ ನಾಶವಾಗುವ ಸಾಧ್ಯತೆ ಇದೆ. ಪ್ರಸ್ತಾವನೆಯನ್ನು ಕೂಡಲೇ ಹಿಂಪಡೆಯಬೇಕು ಎಂದು ಒತ್ತಾಯಿಸಿದರು. ನಿಯೋಗದಲ್ಲಿ ವಿವಿಧ ಸಂಘಟನೆಗಳ ಮುಖಂಡರು ಹಾಗೂ ಪ್ರಗತಿಪರ ಚಿಂತಕರು ಭಾಗವಹಿಸಿದ್ದರು.
ಈ ವಿಸ್ತರಣೆಯನ್ನು ಹಂತ ಹಂತವಾಗಿ ಮತ್ತು ಸಾರ್ವಜನಿಕ ಸಮಾಲೋಚನೆಯ ನಂತರವೇ ಕೈಗೊಳ್ಳಬೇಕು. ಪ್ರಸ್ತುತ ಬೃಹತ್ ಮೈಸೂರು ಪ್ರಸ್ತಾವನೆಯನ್ನು ಕೈಬಿಡಬೇಕು. ಮೈಸೂರು ಗ್ರಾಹಕರ ಪರಿಷತ್ತಿನ ಸ್ಥಾಪಕ ಅಧ್ಯಕ್ಷರು ಹಾಗೂ ಒಕ್ಕೂಟದ ಸಂಚಾಲಕರು ಈ ಬಗ್ಗೆ ಮಾತನಾಡಿ, ಸರ್ಕಾರ ಈ ಕೂಡಲೇ ಮೈಸೂರು ನಗರದ ಪರಿಸರ ಹಾಗೂ ಪರಂಪರೆ ಉಳಿಸಲು ಕ್ರಮ ಕೈಗೊಳ್ಳಬೇಕು ಎಂದು ಒತ್ತಾಯಿಸಿದರು. ಈ ಕುರಿತು ಮುಖ್ಯಮಂತ್ರಿಗಳಿಗೆ ಹಾಗೂ ನಗರಾಭಿವೃದ್ಧಿ ಸಚಿವರಿಗೆ ಮನವಿ ಪತ್ರ ಸಲ್ಲಿಸಲಾಗಿದೆ ಎಂದು ತಿಳಿಸಿದರು.
ಜ.09ರಂದು ಗೃಹಲಕ್ಷ್ಮಿ ಡಿಜಿಟಲ್ ಮಾರ್ಕೆಟಿಂಗ್ ವ್ಯವಸ್ಥೆ ಅನುಷ್ಠಾನ
ಮಂಡ್ಯ: ರಾಜ್ಯದಲ್ಲಿ ಮಹಿಳೆಯರನ್ನು ಸಾಮಾಜಿಕವಾಗಿ ಮತ್ತು ಆರ್ಥಿಕವಾಗಿ ಸಬಲೀಕರಣಗೊಳಿಸುವ ನಿಟ್ಟಿನಲ್ಲಿ ಕರ್ನಾಟಕ ರಾಜ್ಯ ಮಹಿಳಾ ಅಭಿವೃದ್ಧಿ ನಿಗಮದ ವತಿಯಿಂದ ಗೃಹಲಕ್ಷ್ಮಿ ಫಲಾನುಭವಿ ಮಹಿಳೆಯರಿಗಾಗಿ ಗೃಹಲಕ್ಷ್ಮಿ ಡಿಜಿಟಲ್ ಮಾರ್ಕೆಟಿಂಗ್ ವ್ಯವಸ್ಥೆಯನ್ನು ಅನುಷ್ಠಾನಗೊಳಿಸಲಾಗುತ್ತಿದೆ. ಈ ಹಿನ್ನೆಲೆಯಲ್ಲಿ ಜನವರಿ 09ರಂದು ಜಿಲ್ಲಾ ಮಟ್ಟದ ಕಾರ್ಯಾಗಾರವನ್ನು ಆಯೋಜಿಸಲಾಗಿದೆ. ಸ್ವಸಹಾಯ ಸಂಘಗಳ ಮಹಿಳೆಯರು ತಯಾರಿಸುವ ಉತ್ಪನ್ನಗಳನ್ನು ಆನ್‌ಲೈನ್ ಮೂಲಕ ಮಾರಾಟ ಮಾಡಲು ಅನುಕೂಲ ಕಲ್ಪಿಸಲಾಗುವುದು. ಆಸಕ್ತ ಗೃಹಲಕ್ಷ್ಮಿ ಫಲಾನುಭವಿಗಳು ತಮ್ಮ ಹೆಸರು ನೋಂದಾಯಿಸಿಕೊಳ್ಳಬಹುದು. ಹೆಚ್ಚಿನ ಮಾಹಿತಿಗಾಗಿ ಮೊ.ಸಂ:9945677659 ಹಾಗೂ ದೂರವಾಣಿ ಸಂಖ್ಯೆ 08232-221315ಅನ್ನು ಸಂಪರ್ಕಿಸುವಂತೆ ಮಹಿಳಾ ಮತ್ತು ಮಕ್ಕಳ ಅಭಿವೃದ್ಧಿ ಇಲಾಖೆಯ ಉಪನಿರ್ದೇಶಕರು ಪ್ರಕಟಣೆಯಲ್ಲಿ ತಿಳಿಸಿದ್ದಾರೆ.
ಕೊಣಸೂರು ಡೇರಿಗೆ ಆಯ್ಕೆ
ಪಿರಿಯಾಪಟ್ಟಣ: ತಾಲ್ಲೂಕಿನ ಕೊಣಸೂರು ಹಾಲು ಉತ್ಪಾದಕರ ಮಹಿಳಾ ಸಹಕಾರ ಸಂಘದ ಅಧ್ಯಕ್ಷರಾಗಿ ಶಿವಮ್ಮ ಹಾಗೂ ಉಪಾಧ್ಯಕ್ಷರಾಗಿ ಮಂಜುಳಾ ಅವಿರೋಧ ಆಯ್ಕೆಯಾದರು. ಸಂಘದ ಕಚೇರಿಯಲ್ಲಿ ನಡೆದ ಚುನಾವಣೆಯಲ್ಲಿ ಅಧ್ಯಕ್ಷ ಹಾಗೂ ಉಪಾಧ್ಯಕ್ಷ ಸ್ಥಾನಕ್ಕೆ ತಲಾ ಒಂದೊಂದು ನಾಮಪತ್ರ ಸಲ್ಲಿಕೆಯಾದ ಹಿನ್ನೆಲೆಯಲ್ಲಿ ಚುನಾವಣಾಧಿಕಾರಿಗಳು ಅವಿರೋಧ ಆಯ್ಕೆ ಘೋಷಿಸಿದರು. ಸಂಘದ ಆಡಳಿತ ಮಂಡಳಿಯ 11 ಮಂದಿ ನಿರ್ದೇಶಕರು ಉಪಸ್ಥಿತರಿದ್ದರು. ಈ ಸಂದರ್ಭದಲ್ಲಿ ಜಿಲ್ಲಾ ಪಂಚಾಯತ್ ಮಾಜಿ ಸದಸ್ಯರು ಹಾಜರಿದ್ದರು.
ನೂತನ ಅಧ್ಯಕ್ಷರು ಮಾತನಾಡಿ, ಹಾಲು ಉತ್ಪಾದಕರ ಹಿತ ಕಾಪಾಡಲು ಹಾಗೂ ಸಂಘದ ಅಭಿವೃದ್ಧಿಗೆ ಶ್ರಮಿಸುವುದಾಗಿ ತಿಳಿಸಿದರು. ರೈತರಿಗೆ ಗುಣಮಟ್ಟದ ಹಾಲು ಉತ್ಪಾದನೆ ಕುರಿತು ಅರಿವು ಮೂಡಿಸಲಾಗುವುದು. ಸಂಘದ ಸದಸ್ಯರಿಗೆ ಸರ್ಕಾರದ ಸೌಲಭ್ಯಗಳನ್ನು ತಲುಪಿಸಲು ಪ್ರಯತ್ನಿಸಲಾಗುವುದು ಎಂದರು. ಈ ಸಂದರ್ಭದಲ್ಲಿ ಮೈಮುಲ್ ನಿರ್ದೇಶಕರು, ವಿಸ್ತರಣಾಧಿಕಾರಿಗಳು, ಸಂಘದ ಕಾರ್ಯದರ್ಶಿ ಹಾಗೂ ಗ್ರಾಮದ ಮುಖಂಡರು ಉಪಸ್ಥಿತರಿದ್ದು ನೂತನ ಪದಾಧಿಕಾರಿಗಳನ್ನು ಅಭಿನಂದಿಸಿದರು.
ಫೆ.5, 6ರಂದು ಜಿಲ್ಲಾಮಟ್ಟದ ಜಲ ಸಾಹಸ ಕ್ರೀಡೋತ್ಸವ
ಚಾಮರಾಜನಗರ: ಜಿಲ್ಲಾಡಳಿತ, ಜಿಲ್ಲಾ ಪಂಚಾಯತ್ ಹಾಗೂ ಯುವ ಸಬಲೀಕರಣ ಮತ್ತು ಕ್ರೀಡಾ ಇಲಾಖೆ ವತಿಯಿಂದ ಬೆಂಗಳೂರು ನಗರದ ಜನರಲ್ ತಿಮ್ಮಯ್ಯ ರಾಷ್ಟ್ರೀಯ ಸಾಹಸ ಅಕಾಡೆಮಿ ಸಹಯೋಗದಲ್ಲಿ ಜಿಲ್ಲಾ ಮಟ್ಟದ ಜಲ ಸಾಹಸ ಕ್ರೀಡೋತ್ಸವವನ್ನು ಫೆಬ್ರವರಿ 5 ಮತ್ತು 6 ರಂದು ಬೆಳಿಗ್ಗೆ 10 ಗಂಟೆಗೆ ಆಯೋಜಿಸಲಾಗಿದೆ. ಜಿಲ್ಲೆಯ ಜಲಾಶಯದಲ್ಲಿ ನಡೆಯುವ ಈ ಕ್ರೀಡೋತ್ಸವದಲ್ಲಿ ಕಯಾಕಿಂಗ್, ಬೋಟಿಂಗ್ ಸೇರಿದಂತೆ ವಿವಿಧ ಜಲ ಸಾಹಸ ಕ್ರೀಡೆಗಳನ್ನು ಆಯೋಜಿಸಲಾಗಿದೆ. ಆಸಕ್ತ ಯುವಕ ಯುವತಿಯರು ಭಾಗವಹಿಸಬಹುದು ಎಂದು ಇಲಾಖೆಯ ಸಹಾಯಕ ನಿರ್ದೇಶಕರು ಪ್ರಕಟಣೆಯಲ್ಲಿ ತಿಳಿಸಿದ್ದಾರೆ.
ಫೆ. 6ರಂದು ವಿಚಾರ ಸಂಕಿರಣ : ನೊಂದಣಿ ಮಾಡಿಕೊಳ್ಳಲು ಮನವಿ
ಚಾಮರಾಜನಗರ, ತೋಟಗಾರಿಕೆ ಇಲಾಖೆ ವತಿಯಿಂದ ಜಿಲ್ಲೆಯ ರೈತರಿಗೆ ಡ್ರ್ಯಾಗನ್ ಫ್ರೂಟ್, ಬಟರ್ ಫ್ರೂಟ್, ಹಲಸು, ಮಾವು, ಸೀತಾಫಲ ಹಾಗೂ ಇನ್ನಿತರ ಹಣ್ಣಿನ ಬೆಳೆಗಳ ಬೇಸಾಯ ಕ್ರಮಗಳ ಕುರಿತು ಫೆಬ್ರವರಿ 6 ರಂದು ಬೆಳಿಗ್ಗೆ 10.30 ಗಂಟೆಗೆ ವಿಚಾರ ಸಂಕಿರಣ ಆಯೋಜಿಸಲಾಗಿದೆ. ಆಸಕ್ತ ರೈತರು ಕೂಡಲೇ ಹೆಸರು ನೊಂದಾಯಿಸಿಕೊಳ್ಳುವಂತೆ ಮನವಿ ಮಾಡಲಾಗಿದೆ. ಹೆಚ್ಚಿನ ಮಾಹಿತಿಗಾಗಿ ಚಾಮರಾಜನಗರ ತಾಲ್ಲೂಕು ಮೊ.ನಂ. 9886376175, ಕೊಳ್ಳೇಗಾಲ ತಾಲ್ಲೂಕು ಮೊ.ನಂ. 9740017945, ಯಳಂದೂರು ತಾಲ್ಲೂಕು ಮೊ.ನಂ. 8618757585, ಹನೂರು ತಾಲ್ಲೂಕು ಮೊ.ನಂ. 8951756540 ಅನ್ನು ಸಂಪರ್ಕಿಸುವಂತೆ ತೋಟಗಾರಿಕೆ ಉಪನಿರ್ದೇಶಕರು ತಿಳಿಸಿದ್ದಾರೆ.
ಒಂದು ದಿನದ ವಿವಿಧಬೆಳೆ ಪರಿವರ್ತನೆ ಕುರಿತ ಸಂಕಿರಣ
ಚಾಮರಾಜನಗರ: ತೋಟಗಾರಿಕೆ ಇಲಾಖೆ, ಹರದನಹಳ್ಳಿ ಕೃಷಿ ವಿಜ್ಞಾನ ಕೇಂದ್ರ, ಜಲಾನಯನ ಅಭಿವೃದ್ಧಿ ಇಲಾಖೆ ಸಂಯುಕ್ತ ಆಶ್ರಯದಲ್ಲಿ 2025-26ನೇ ಸಾಲಿನ ಜಿಲ್ಲಾ ಮಟ್ಟದ ಒಂದು ದಿನದ ವಿವಿಧ ಬೆಳೆ ಪರಿವರ್ತನೆ ಕುರಿತ ವಿಚಾರ ಸಂಕಿರಣವನ್ನು ಫೆಬ್ರವರಿ 6 ರಂದು ಬೆಳಿಗ್ಗೆ 10.30 ಗಂಟೆಗೆ ನಗರದ ಜೆ.ಎಚ್. ಪಟೇಲ್ ಸಭಾಂಗಣದಲ್ಲಿ ಹಮ್ಮಿಕೊಳ್ಳಲಾಗಿದೆ. ಕಾರ್ಯಕ್ರಮದಲ್ಲಿ ವಿಜ್ಞಾನಿಗಳು ಹಾಗೂ ತಜ್ಞರು ರೈತರಿಗೆ ಮಾಹಿತಿ ನೀಡಲಿದ್ದಾರೆ. ರೈತರು ಹೆಚ್ಚಿನ ಸಂಖ್ಯೆಯಲ್ಲಿ ಭಾಗವಹಿಸಿ ಸದುಪಯೋಗ ಪಡೆದುಕೊಳ್ಳಬೇಕು ಎಂದು ಪ್ರಕಟಣೆ ತಿಳಿಸಿದೆ.
ಪ್ರಾಧಿಕಾರದ ಅಧ್ಯಕ್ಷರ ಪ್ರವಾಸ
ಬೆಂಗಳೂರು: ಕರ್ನಾಟಕ ರಾಜ್ಯ ಗ್ರಾಮೀಣ ಯೋಜನೆಗಳ ಅನುಷ್ಠಾನ ಪ್ರಾಧಿಕಾರದ ಅಧ್ಯಕ್ಷರಾದ ಹೆಚ್.ಎಂ.ರೇವಣ್ಣ ಅವರು ಫೆ.6 ರಂದು ಜಿಲ್ಲಾ ಪ್ರವಾಸ ಕೈಗೊಳ್ಳಲಿದ್ದಾರೆ. ಅಂದು ಬೆಳಿಗ್ಗೆ 10 ಗಂಟೆಗೆ ಜಿಲ್ಲಾ ಪ್ರಗತಿ ಪರಿಶೀಲನಾ ಸಭೆ ನಡೆಸಲಿದ್ದು, ಬಳಿಕ ಗ್ರಾಮೀಣ ಯೋಜನೆಗಳ ಅನುಷ್ಠಾನ ಕುರಿತು ಅಧಿಕಾರಿಗಳೊಂದಿಗೆ ಚರ್ಚಿಸಲಿದ್ದಾರೆ ಎಂದು ಪ್ರಕಟಣೆ ತಿಳಿಸಿದೆ.
